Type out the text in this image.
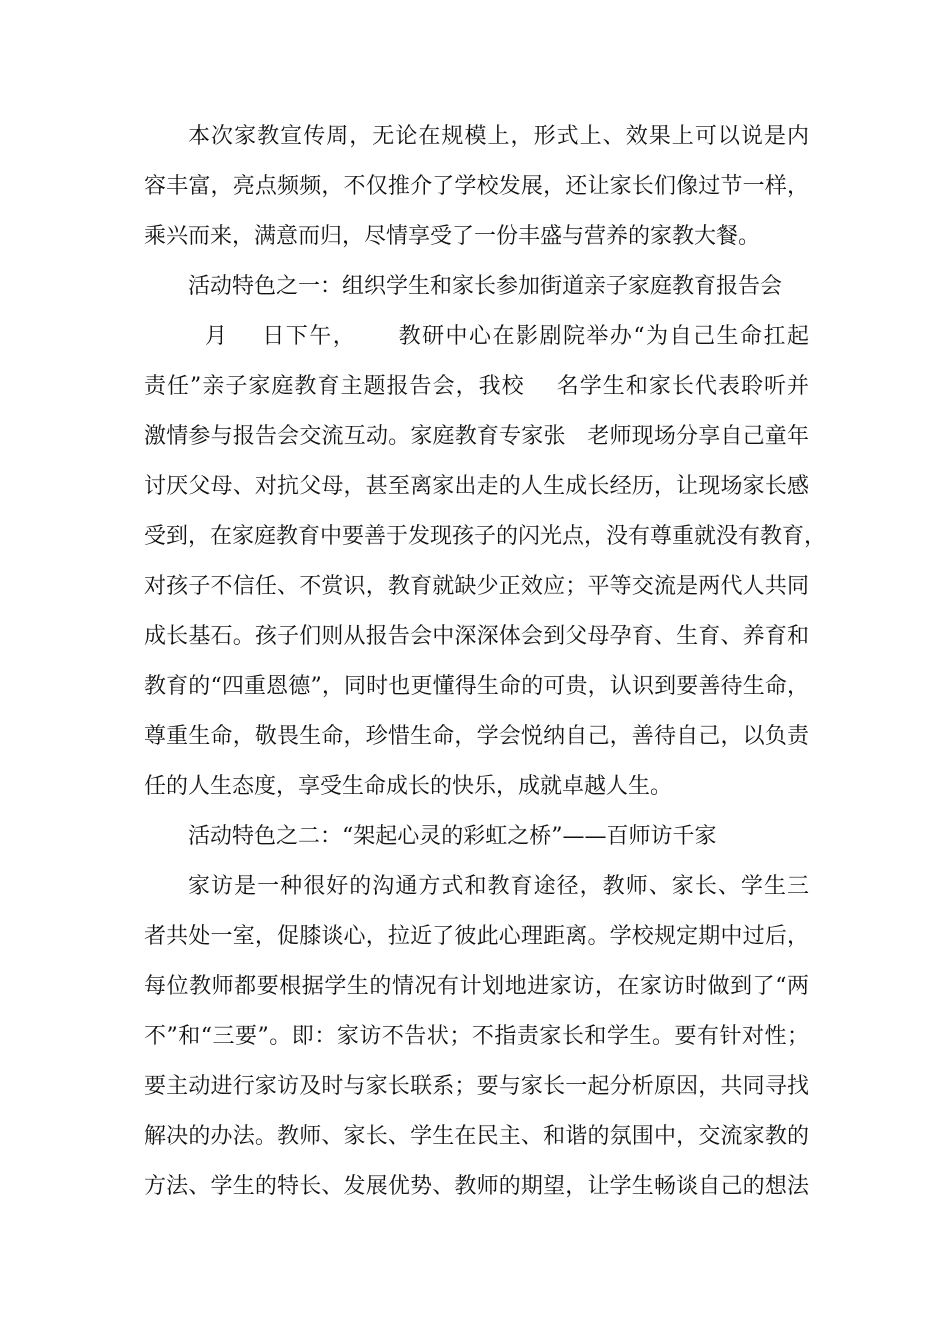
本次家教宣传周，无论在规模上，形式上、效果上可以说是内
容丰富，亮点频频，不仅推介了学校发展，还让家长们像过节一样，
乘兴而来，满意而归，尽情享受了一份丰盛与营养的家教大餐。
活动特色之一：组织学生和家长参加街道亲子家庭教育报告会
月    日下午，     教研中心在影剧院举办“为自己生命扛起
责任”亲子家庭教育主题报告会，我校    名学生和家长代表聆听并
激情参与报告会交流互动。家庭教育专家张   老师现场分享自己童年
讨厌父母、对抗父母，甚至离家出走的人生成长经历，让现场家长感
受到，在家庭教育中要善于发现孩子的闪光点，没有尊重就没有教育，
对孩子不信任、不赏识，教育就缺少正效应；平等交流是两代人共同
成长基石。孩子们则从报告会中深深体会到父母孕育、生育、养育和
教育的“四重恩德”，同时也更懂得生命的可贵，认识到要善待生命，
尊重生命，敬畏生命，珍惜生命，学会悦纳自己，善待自己，以负责
任的人生态度，享受生命成长的快乐，成就卓越人生。
活动特色之二：“架起心灵的彩虹之桥”——百师访千家
家访是一种很好的沟通方式和教育途径，教师、家长、学生三
者共处一室，促膝谈心，拉近了彼此心理距离。学校规定期中过后，
每位教师都要根据学生的情况有计划地进家访，在家访时做到了“两
不”和“三要”。即：家访不告状；不指责家长和学生。要有针对性；
要主动进行家访及时与家长联系；要与家长一起分析原因，共同寻找
解决的办法。教师、家长、学生在民主、和谐的氛围中，交流家教的
方法、学生的特长、发展优势、教师的期望，让学生畅谈自己的想法
